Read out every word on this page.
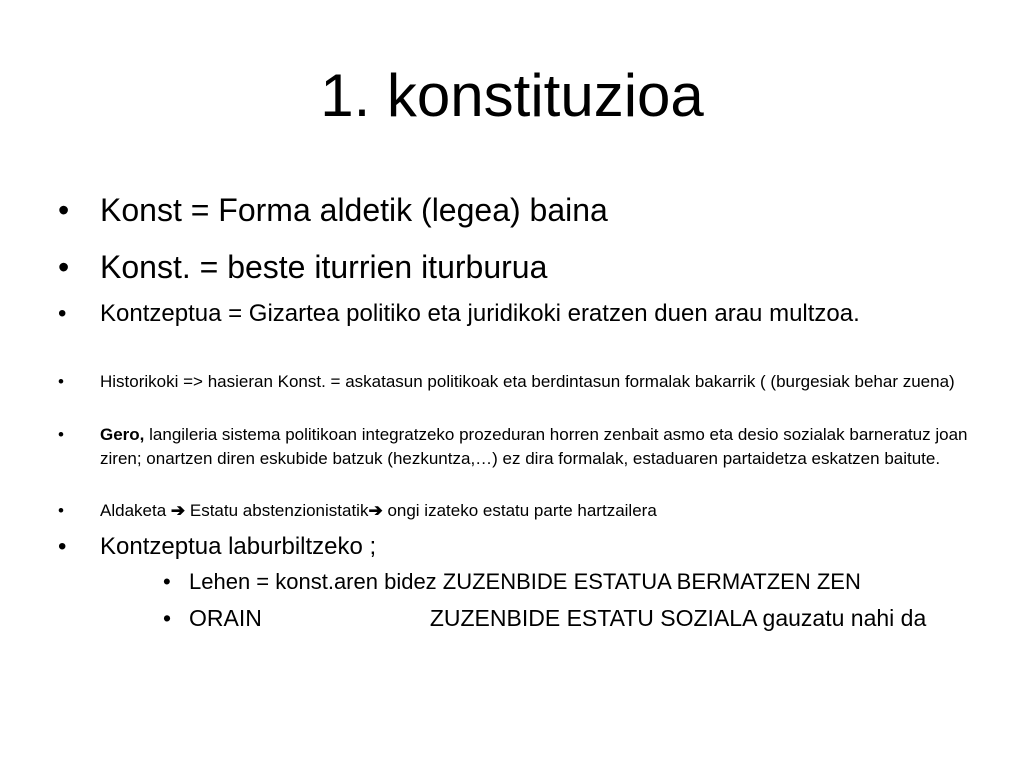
1. konstituzioa
• Konst = Forma aldetik (legea) baina
• Konst. = beste iturrien iturburua
•	Kontzeptua = Gizartea politiko eta juridikoki eratzen duen arau multzoa.
•	Historikoki => hasieran Konst. = askatasun politikoak eta berdintasun formalak bakarrik ( (burgesiak behar zuena)
•	Gero, langileria sistema politikoan integratzeko prozeduran horren zenbait asmo eta desio sozialak barneratuz joan ziren; onartzen diren eskubide batzuk (hezkuntza,…) ez dira formalak, estaduaren partaidetza eskatzen baitute.
•	Aldaketa ➔ Estatu abstenzionistatik➔ ongi izateko estatu parte hartzailera
•	Kontzeptua laburbiltzeko ;
• Lehen = konst.aren bidez ZUZENBIDE ESTATUA BERMATZEN ZEN
• ORAIN	ZUZENBIDE ESTATU SOZIALA gauzatu nahi da
